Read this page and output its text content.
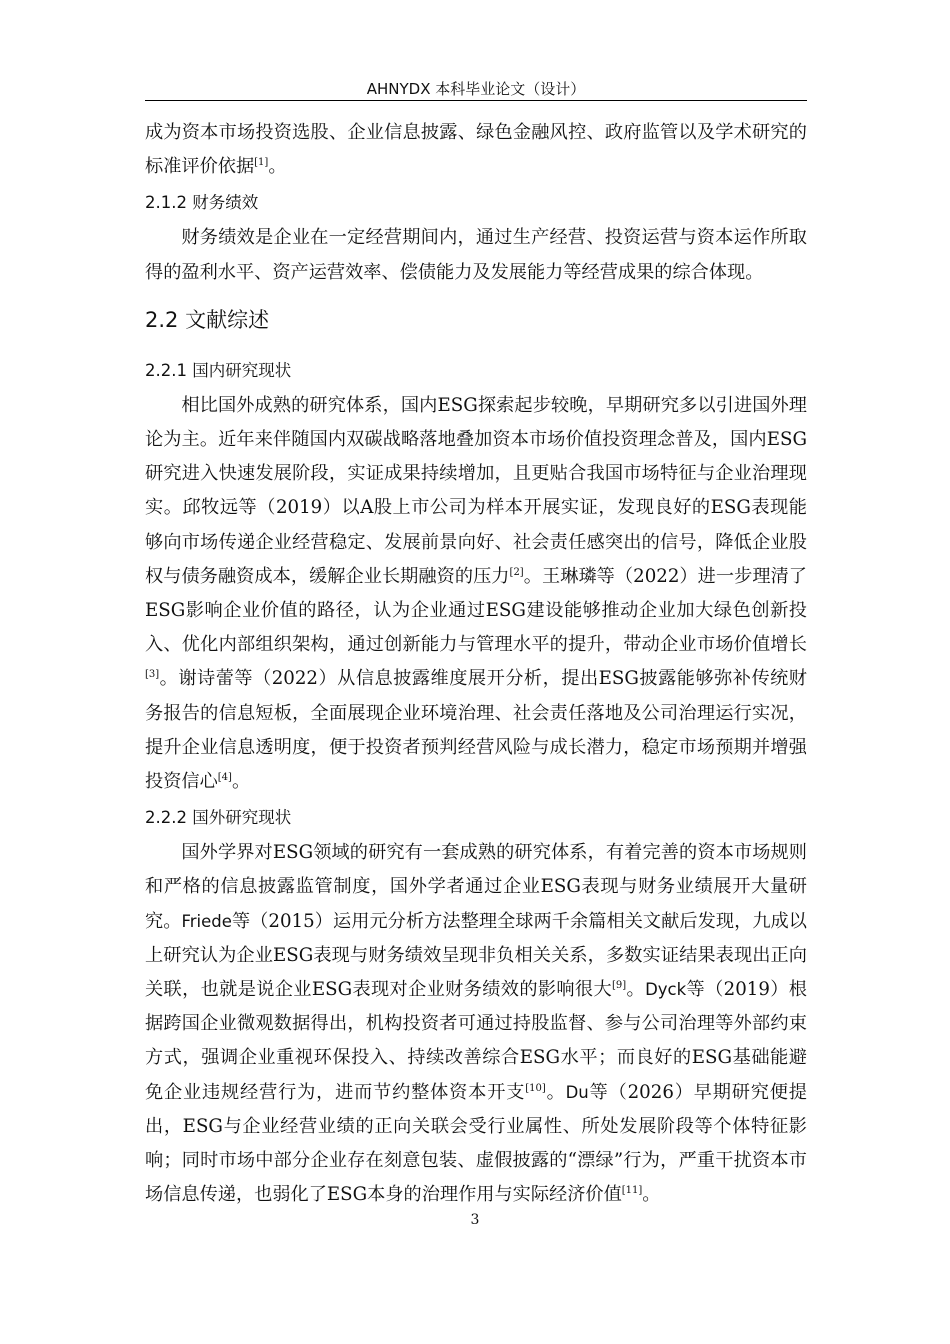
AHNYDX 本科毕业论文（设计）

成为资本市场投资选股、企业信息披露、绿色金融风控、政府监管以及学术研究的标准评价依据[1]。

2.1.2 财务绩效

财务绩效是企业在一定经营期间内，通过生产经营、投资运营与资本运作所取得的盈利水平、资产运营效率、偿债能力及发展能力等经营成果的综合体现。

2.2 文献综述
2.2.1 国内研究现状

相比国外成熟的研究体系，国内ESG探索起步较晚，早期研究多以引进国外理论为主。近年来伴随国内双碳战略落地叠加资本市场价值投资理念普及，国内ESG研究进入快速发展阶段，实证成果持续增加，且更贴合我国市场特征与企业治理现实。邱牧远等（2019）以A股上市公司为样本开展实证，发现良好的ESG表现能够向市场传递企业经营稳定、发展前景向好、社会责任感突出的信号，降低企业股权与债务融资成本，缓解企业长期融资的压力[2]。王琳璘等（2022）进一步理清了ESG影响企业价值的路径，认为企业通过ESG建设能够推动企业加大绿色创新投入、优化内部组织架构，通过创新能力与管理水平的提升，带动企业市场价值增长[3]。谢诗蕾等（2022）从信息披露维度展开分析，提出ESG披露能够弥补传统财务报告的信息短板，全面展现企业环境治理、社会责任落地及公司治理运行实况，提升企业信息透明度，便于投资者预判经营风险与成长潜力，稳定市场预期并增强投资信心[4]。

2.2.2 国外研究现状

国外学界对ESG领域的研究有一套成熟的研究体系，有着完善的资本市场规则和严格的信息披露监管制度，国外学者通过企业ESG表现与财务业绩展开大量研究。Friede等（2015）运用元分析方法整理全球两千余篇相关文献后发现，九成以上研究认为企业ESG表现与财务绩效呈现非负相关关系，多数实证结果表现出正向关联，也就是说企业ESG表现对企业财务绩效的影响很大[9]。Dyck等（2019）根据跨国企业微观数据得出，机构投资者可通过持股监督、参与公司治理等外部约束方式，强调企业重视环保投入、持续改善综合ESG水平；而良好的ESG基础能避免企业违规经营行为，进而节约整体资本开支[10]。Du等（2026）早期研究便提出，ESG与企业经营业绩的正向关联会受行业属性、所处发展阶段等个体特征影响；同时市场中部分企业存在刻意包装、虚假披露的“漂绿”行为，严重干扰资本市场信息传递，也弱化了ESG本身的治理作用与实际经济价值[11]。

3
